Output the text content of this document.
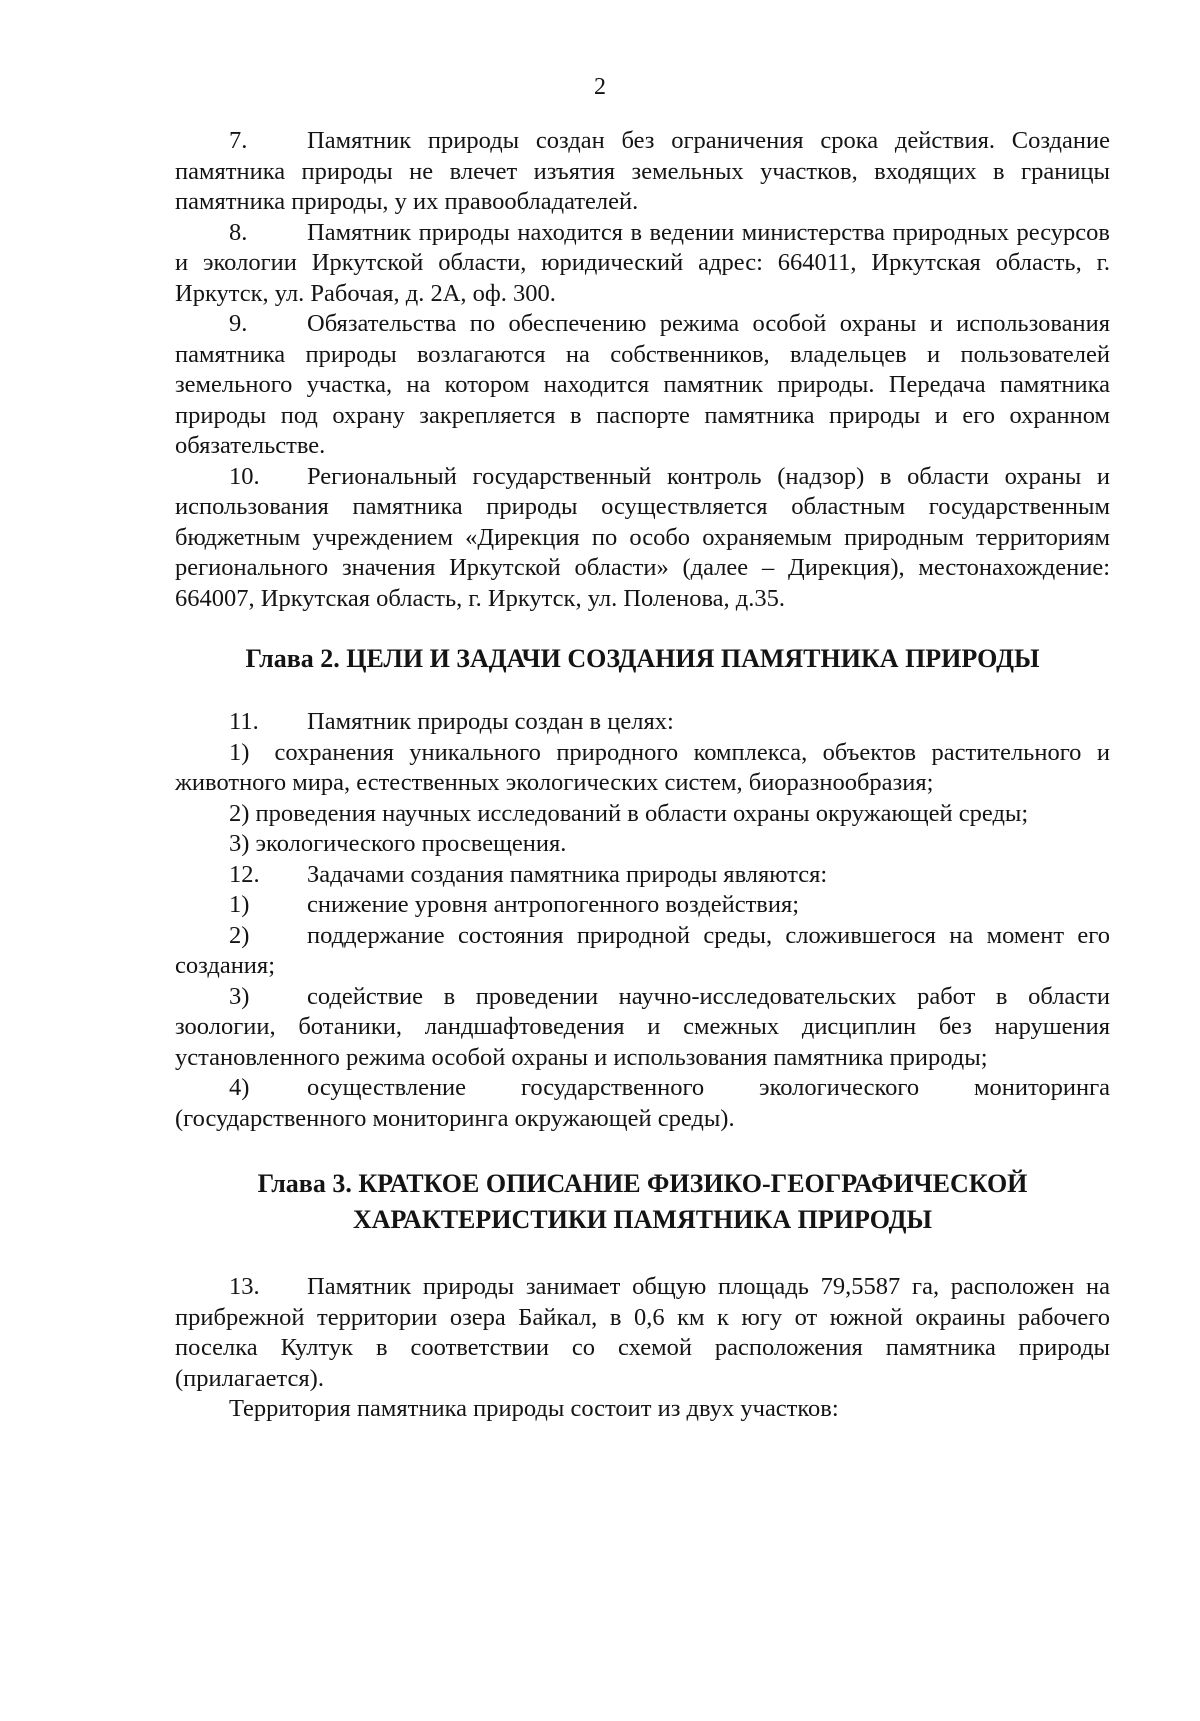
2

7. Памятник природы создан без ограничения срока действия. Создание памятника природы не влечет изъятия земельных участков, входящих в границы памятника природы, у их правообладателей.

8. Памятник природы находится в ведении министерства природных ресурсов и экологии Иркутской области, юридический адрес: 664011, Иркутская область, г. Иркутск, ул. Рабочая, д. 2А, оф. 300.

9. Обязательства по обеспечению режима особой охраны и использования памятника природы возлагаются на собственников, владельцев и пользователей земельного участка, на котором находится памятник природы. Передача памятника природы под охрану закрепляется в паспорте памятника природы и его охранном обязательстве.

10. Региональный государственный контроль (надзор) в области охраны и использования памятника природы осуществляется областным государственным бюджетным учреждением «Дирекция по особо охраняемым природным территориям регионального значения Иркутской области» (далее – Дирекция), местонахождение: 664007, Иркутская область, г. Иркутск, ул. Поленова, д.35.

Глава 2. ЦЕЛИ И ЗАДАЧИ СОЗДАНИЯ ПАМЯТНИКА ПРИРОДЫ

11. Памятник природы создан в целях:

1) сохранения уникального природного комплекса, объектов растительного и животного мира, естественных экологических систем, биоразнообразия;

2) проведения научных исследований в области охраны окружающей среды;

3) экологического просвещения.

12. Задачами создания памятника природы являются:

1) снижение уровня антропогенного воздействия;

2) поддержание состояния природной среды, сложившегося на момент его создания;

3) содействие в проведении научно-исследовательских работ в области зоологии, ботаники, ландшафтоведения и смежных дисциплин без нарушения установленного режима особой охраны и использования памятника природы;

4) осуществление государственного экологического мониторинга (государственного мониторинга окружающей среды).

Глава 3. КРАТКОЕ ОПИСАНИЕ ФИЗИКО-ГЕОГРАФИЧЕСКОЙ
ХАРАКТЕРИСТИКИ ПАМЯТНИКА ПРИРОДЫ

13. Памятник природы занимает общую площадь 79,5587 га, расположен на прибрежной территории озера Байкал, в 0,6 км к югу от южной окраины рабочего поселка Култук в соответствии со схемой расположения памятника природы (прилагается).

Территория памятника природы состоит из двух участков:
